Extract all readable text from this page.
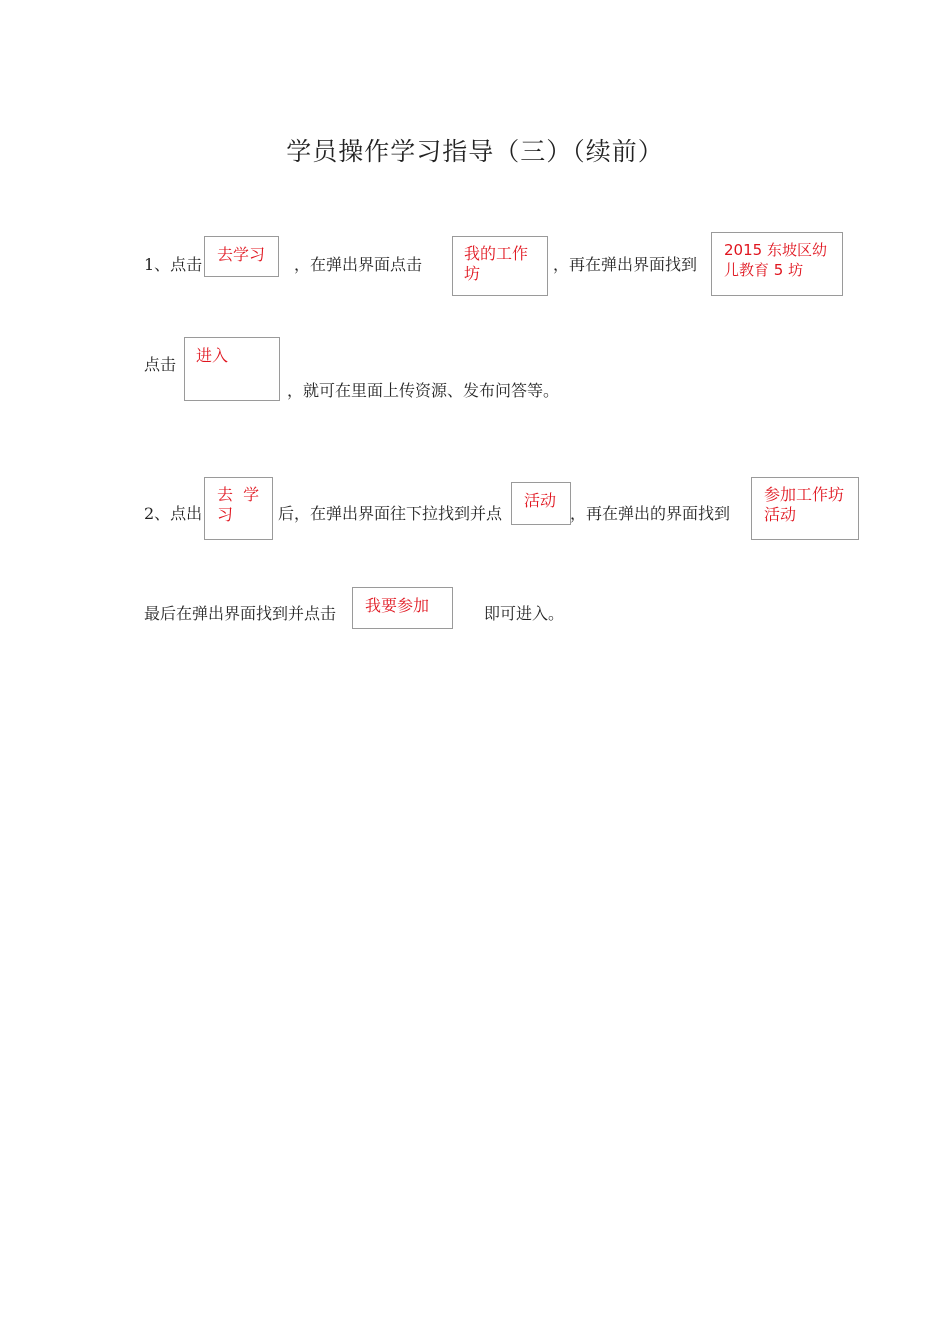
学员操作学习指导（三）（续前）
1、点击
去学习
，在弹出界面点击
我的工作
坊	，再在弹出界面找到
2015 东坡区幼
儿教育 5 坊
点击 进入
，就可在里面上传资源、发布问答等。
2、点出
去  学
习	后，在弹出界面往下拉找到并点
活动
，再在弹出的界面找到
参加工作坊
活动
最后在弹出界面找到并点击 我要参加	即可进入。
